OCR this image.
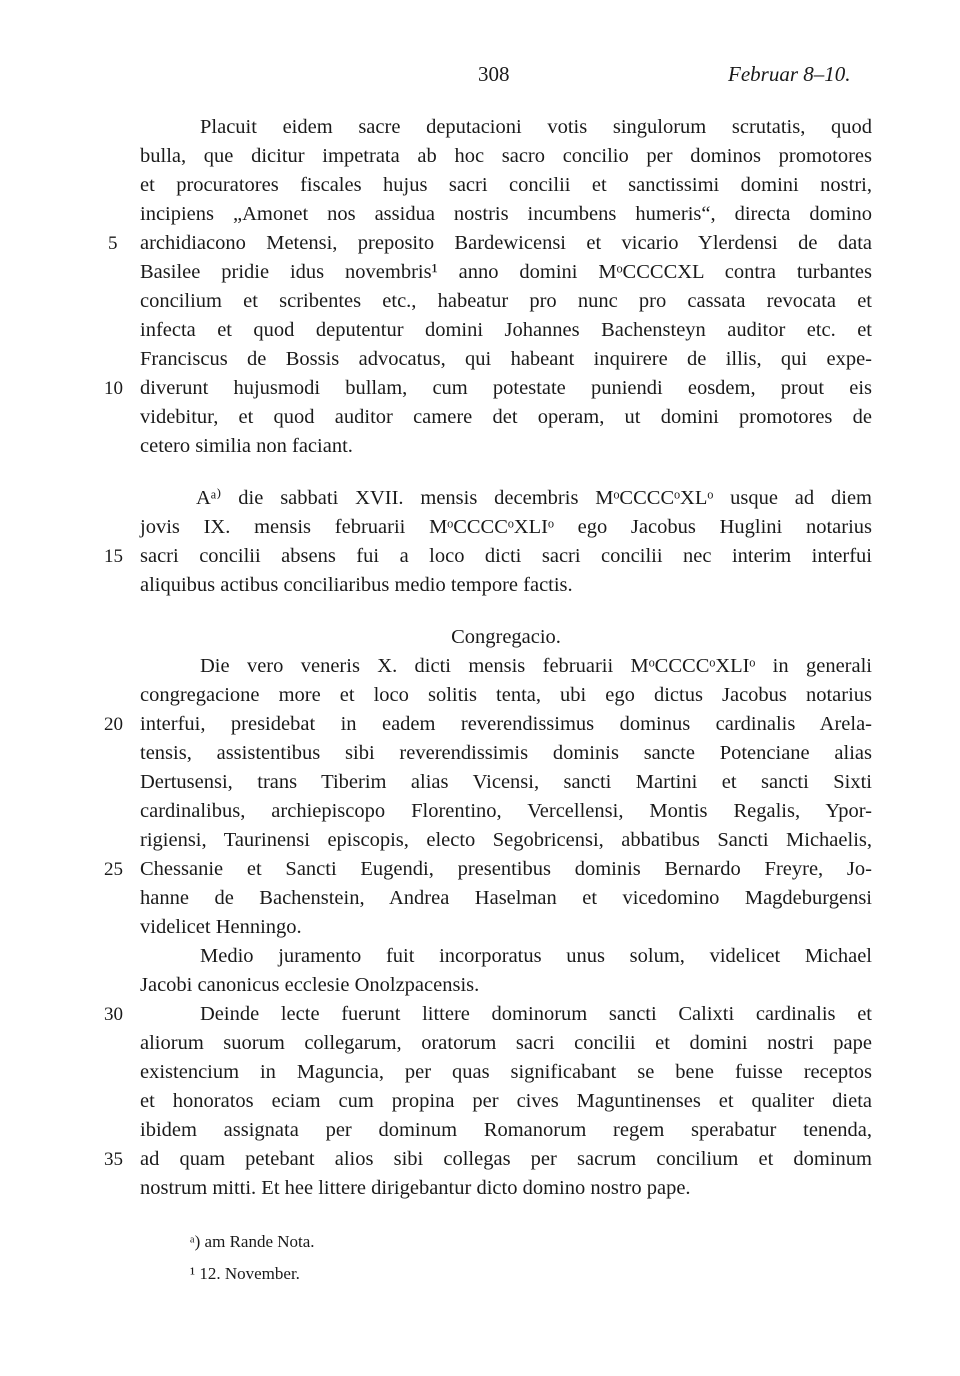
308	Februar 8–10.
Placuit eidem sacre deputacioni votis singulorum scrutatis, quod
bulla, que dicitur impetrata ab hoc sacro concilio per dominos promotores
et procuratores fiscales hujus sacri concilii et sanctissimi domini nostri,
incipiens „Amonet nos assidua nostris incumbens humeris“, directa domino
archidiacono Metensi, preposito Bardewicensi et vicario Ylerdensi de data
Basilee pridie idus novembris¹ anno domini MᵒCCCCXL contra turbantes
concilium et scribentes etc., habeatur pro nunc pro cassata revocata et
infecta et quod deputentur domini Johannes Bachensteyn auditor etc. et
Franciscus de Bossis advocatus, qui habeant inquirere de illis, qui expe-
diverunt hujusmodi bullam, cum potestate puniendi eosdem, prout eis
videbitur, et quod auditor camere det operam, ut domini promotores de
cetero similia non faciant.
Aᵃ⁾ die sabbati XVII. mensis decembris MᵒCCCCᵒXLᵒ usque ad diem
jovis IX. mensis februarii MᵒCCCCᵒXLIᵒ ego Jacobus Huglini notarius
sacri concilii absens fui a loco dicti sacri concilii nec interim interfui
aliquibus actibus conciliaribus medio tempore factis.
Congregacio.
Die vero veneris X. dicti mensis februarii MᵒCCCCᵒXLIᵒ in generali
congregacione more et loco solitis tenta, ubi ego dictus Jacobus notarius
interfui, presidebat in eadem reverendissimus dominus cardinalis Arela-
tensis, assistentibus sibi reverendissimis dominis sancte Potenciane alias
Dertusensi, trans Tiberim alias Vicensi, sancti Martini et sancti Sixti
cardinalibus, archiepiscopo Florentino, Vercellensi, Montis Regalis, Ypor-
rigiensi, Taurinensi episcopis, electo Segobricensi, abbatibus Sancti Michaelis,
Chessanie et Sancti Eugendi, presentibus dominis Bernardo Freyre, Jo-
hanne de Bachenstein, Andrea Haselman et vicedomino Magdeburgensi
videlicet Henningo.
Medio juramento fuit incorporatus unus solum, videlicet Michael
Jacobi canonicus ecclesie Onolzpacensis.
Deinde lecte fuerunt littere dominorum sancti Calixti cardinalis et
aliorum suorum collegarum, oratorum sacri concilii et domini nostri pape
existencium in Maguncia, per quas significabant se bene fuisse receptos
et honoratos eciam cum propina per cives Maguntinenses et qualiter dieta
ibidem assignata per dominum Romanorum regem sperabatur tenenda,
ad quam petebant alios sibi collegas per sacrum concilium et dominum
nostrum mitti. Et hee littere dirigebantur dicto domino nostro pape.
5
10
15
20
25
30
35
ᵃ) am Rande Nota.
¹ 12. November.
